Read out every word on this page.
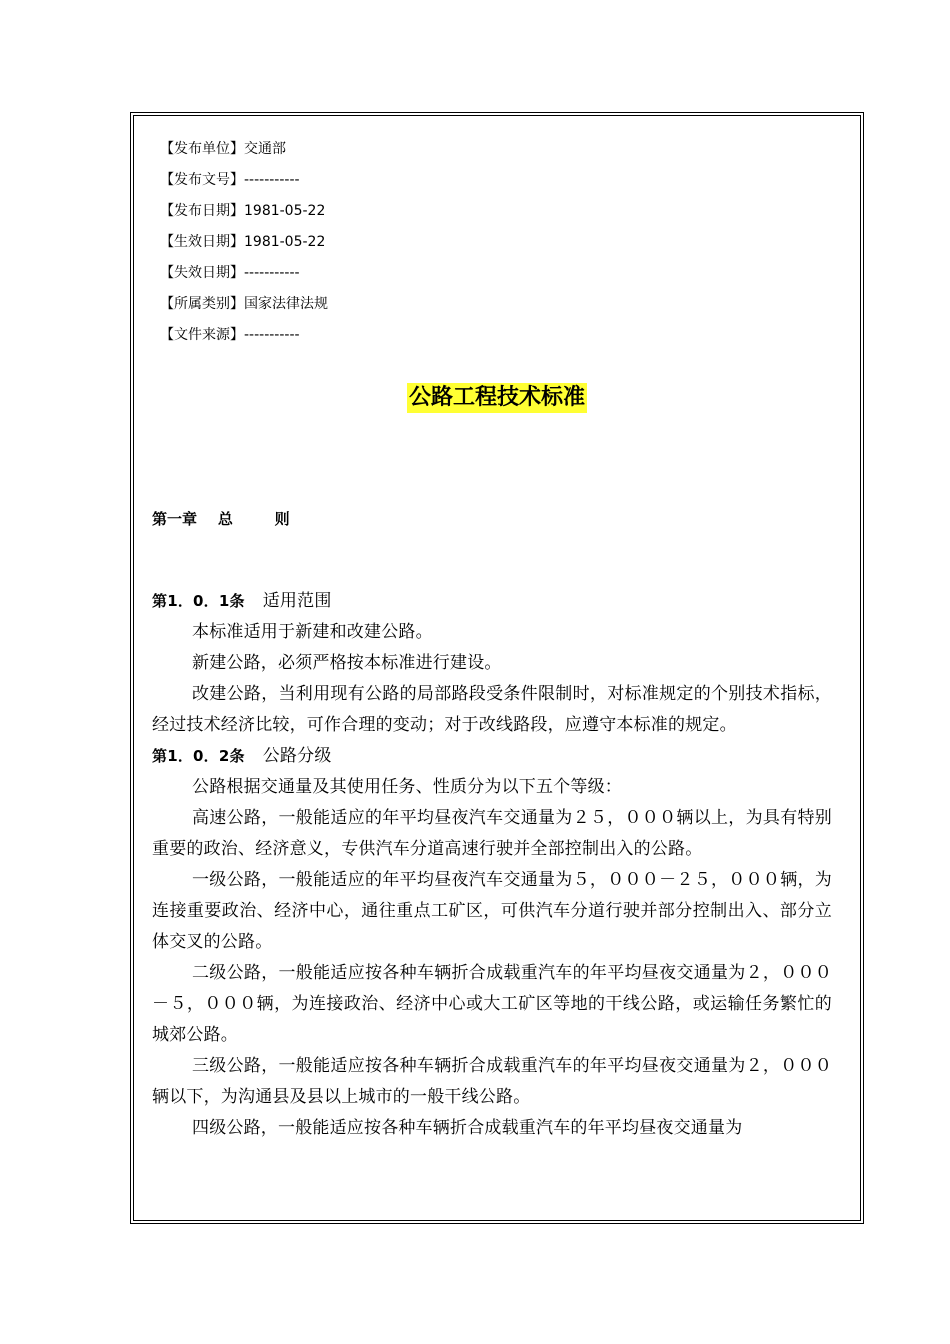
【发布单位】交通部
【发布文号】-----------
【发布日期】1981-05-22
【生效日期】1981-05-22
【失效日期】-----------
【所属类别】国家法律法规
【文件来源】-----------
公路工程技术标准
第一章    总        则
第1．0．1条 适用范围
本标准适用于新建和改建公路。
新建公路，必须严格按本标准进行建设。
改建公路，当利用现有公路的局部路段受条件限制时，对标准规定的个别技术指标，经过技术经济比较，可作合理的变动；对于改线路段，应遵守本标准的规定。
第1．0．2条 公路分级
公路根据交通量及其使用任务、性质分为以下五个等级：
高速公路，一般能适应的年平均昼夜汽车交通量为２５，０００辆以上，为具有特别重要的政治、经济意义，专供汽车分道高速行驶并全部控制出入的公路。
一级公路，一般能适应的年平均昼夜汽车交通量为５，０００－２５，０００辆，为连接重要政治、经济中心，通往重点工矿区，可供汽车分道行驶并部分控制出入、部分立体交叉的公路。
二级公路，一般能适应按各种车辆折合成载重汽车的年平均昼夜交通量为２，０００－５，０００辆，为连接政治、经济中心或大工矿区等地的干线公路，或运输任务繁忙的城郊公路。
三级公路，一般能适应按各种车辆折合成载重汽车的年平均昼夜交通量为２，０００辆以下，为沟通县及县以上城市的一般干线公路。
四级公路，一般能适应按各种车辆折合成载重汽车的年平均昼夜交通量为
